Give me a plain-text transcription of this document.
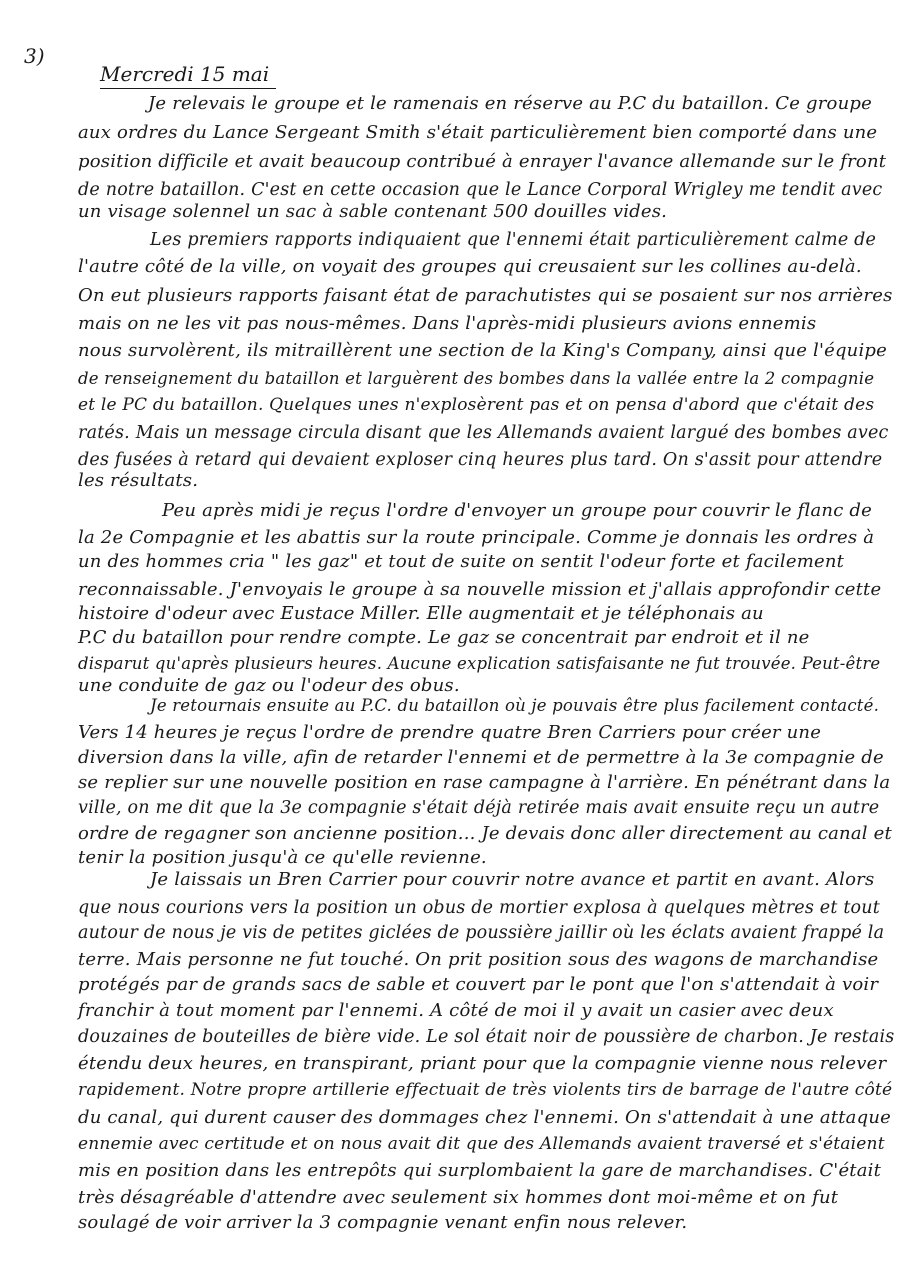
3)
Mercredi 15 mai
Je relevais le groupe et le ramenais en réserve au P.C du bataillon. Ce groupe
aux ordres du Lance Sergeant Smith s'était particulièrement bien comporté dans une
position difficile et avait beaucoup contribué à enrayer l'avance allemande sur le front
de notre bataillon. C'est en cette occasion que le Lance Corporal Wrigley me tendit avec
un visage solennel un sac à sable contenant 500 douilles vides.
Les premiers rapports indiquaient que l'ennemi était particulièrement calme de
l'autre côté de la ville, on voyait des groupes qui creusaient sur les collines au-delà.
On eut plusieurs rapports faisant état de parachutistes qui se posaient sur nos arrières
mais on ne les vit pas nous-mêmes. Dans l'après-midi plusieurs avions ennemis
nous survolèrent, ils mitraillèrent une section de la King's Company, ainsi que l'équipe
de renseignement du bataillon et larguèrent des bombes dans la vallée entre la 2 compagnie
et le PC du bataillon. Quelques unes n'explosèrent pas et on pensa d'abord que c'était des
ratés. Mais un message circula disant que les Allemands avaient largué des bombes avec
des fusées à retard qui devaient exploser cinq heures plus tard. On s'assit pour attendre
les résultats.
Peu après midi je reçus l'ordre d'envoyer un groupe pour couvrir le flanc de
la 2e Compagnie et les abattis sur la route principale. Comme je donnais les ordres à
un des hommes cria " les gaz" et tout de suite on sentit l'odeur forte et facilement
reconnaissable. J'envoyais le groupe à sa nouvelle mission et j'allais approfondir cette
histoire d'odeur avec Eustace Miller. Elle augmentait et je téléphonais au
P.C du bataillon pour rendre compte. Le gaz se concentrait par endroit et il ne
disparut qu'après plusieurs heures. Aucune explication satisfaisante ne fut trouvée. Peut-être
une conduite de gaz ou l'odeur des obus.
Je retournais ensuite au P.C. du bataillon où je pouvais être plus facilement contacté.
Vers 14 heures je reçus l'ordre de prendre quatre Bren Carriers pour créer une
diversion dans la ville, afin de retarder l'ennemi et de permettre à la 3e compagnie de
se replier sur une nouvelle position en rase campagne à l'arrière. En pénétrant dans la
ville, on me dit que la 3e compagnie s'était déjà retirée mais avait ensuite reçu un autre
ordre de regagner son ancienne position... Je devais donc aller directement au canal et
tenir la position jusqu'à ce qu'elle revienne.
Je laissais un Bren Carrier pour couvrir notre avance et partit en avant. Alors
que nous courions vers la position un obus de mortier explosa à quelques mètres et tout
autour de nous je vis de petites giclées de poussière jaillir où les éclats avaient frappé la
terre. Mais personne ne fut touché. On prit position sous des wagons de marchandise
protégés par de grands sacs de sable et couvert par le pont que l'on s'attendait à voir
franchir à tout moment par l'ennemi. A côté de moi il y avait un casier avec deux
douzaines de bouteilles de bière vide. Le sol était noir de poussière de charbon. Je restais
étendu deux heures, en transpirant, priant pour que la compagnie vienne nous relever
rapidement. Notre propre artillerie effectuait de très violents tirs de barrage de l'autre côté
du canal, qui durent causer des dommages chez l'ennemi. On s'attendait à une attaque
ennemie avec certitude et on nous avait dit que des Allemands avaient traversé et s'étaient
mis en position dans les entrepôts qui surplombaient la gare de marchandises. C'était
très désagréable d'attendre avec seulement six hommes dont moi-même et on fut
soulagé de voir arriver la 3 compagnie venant enfin nous relever.
